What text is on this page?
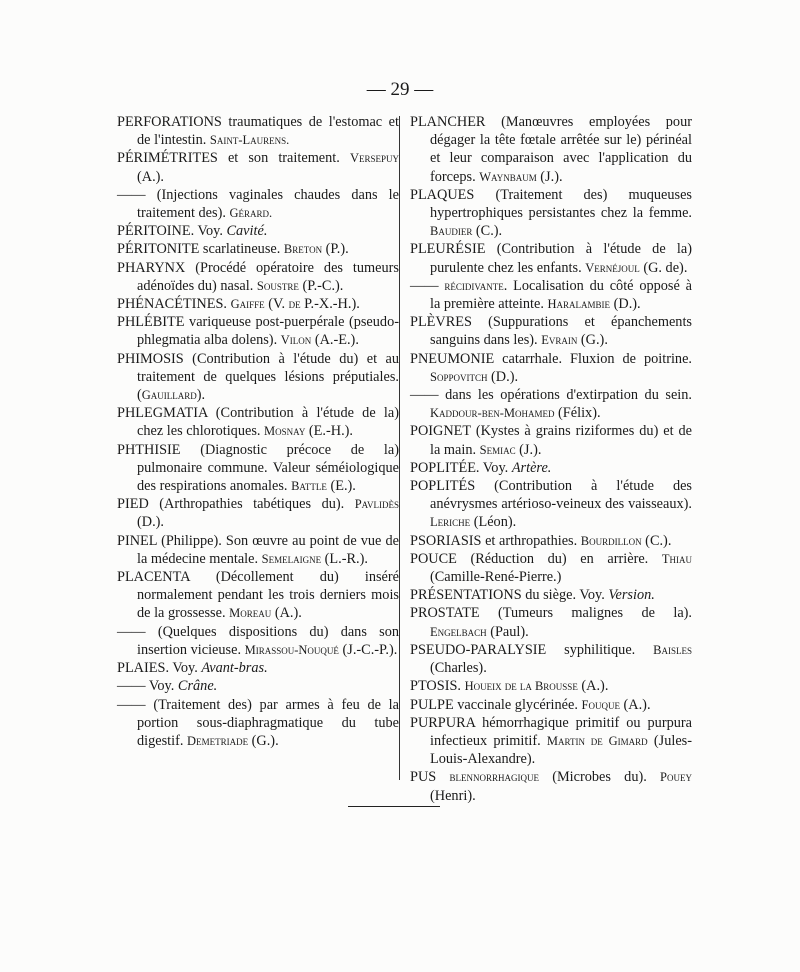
— 29 —
PERFORATIONS traumatiques de l'estomac et de l'intestin. Saint-Laurens.
PÉRIMÉTRITES et son traitement. Versepuy (A.).
—— (Injections vaginales chaudes dans le traitement des). Gérard.
PÉRITOINE. Voy. Cavité.
PÉRITONITE scarlatineuse. Breton (P.).
PHARYNX (Procédé opératoire des tumeurs adénoïdes du) nasal. Soustre (P.-C.).
PHÉNACÉTINES. Gaiffe (V. de P.-X.-H.).
PHLÉBITE variqueuse post-puerpérale (pseudo-phlegmatia alba dolens). Vilon (A.-E.).
PHIMOSIS (Contribution à l'étude du) et au traitement de quelques lésions préputiales. (Gauillard).
PHLEGMATIA (Contribution à l'étude de la) chez les chlorotiques. Mosnay (E.-H.).
PHTHISIE (Diagnostic précoce de la) pulmonaire commune. Valeur séméiologique des respirations anomales. Battle (E.).
PIED (Arthropathies tabétiques du). Pavlidès (D.).
PINEL (Philippe). Son œuvre au point de vue de la médecine mentale. Semelaigne (L.-R.).
PLACENTA (Décollement du) inséré normalement pendant les trois derniers mois de la grossesse. Moreau (A.).
—— (Quelques dispositions du) dans son insertion vicieuse. Mirassou-Nouqué (J.-C.-P.).
PLAIES. Voy. Avant-bras.
—— Voy. Crâne.
—— (Traitement des) par armes à feu de la portion sous-diaphragmatique du tube digestif. Demetriade (G.).
PLANCHER (Manœuvres employées pour dégager la tête fœtale arrêtée sur le) périnéal et leur comparaison avec l'application du forceps. Waynbaum (J.).
PLAQUES (Traitement des) muqueuses hypertrophiques persistantes chez la femme. Baudier (C.).
PLEURÉSIE (Contribution à l'étude de la) purulente chez les enfants. Vernéjoul (G. de).
—— récidivante. Localisation du côté opposé à la première atteinte. Haralambie (D.).
PLÈVRES (Suppurations et épanchements sanguins dans les). Evrain (G.).
PNEUMONIE catarrhale. Fluxion de poitrine. Soppovitch (D.).
—— dans les opérations d'extirpation du sein. Kaddour-ben-Mohamed (Félix).
POIGNET (Kystes à grains riziformes du) et de la main. Semiac (J.).
POPLITÉE. Voy. Artère.
POPLITÉS (Contribution à l'étude des anévrysmes artérioso-veineux des vaisseaux). Leriche (Léon).
PSORIASIS et arthropathies. Bourdillon (C.).
POUCE (Réduction du) en arrière. Thiau (Camille-René-Pierre.)
PRÉSENTATIONS du siège. Voy. Version.
PROSTATE (Tumeurs malignes de la). Engelbach (Paul).
PSEUDO-PARALYSIE syphilitique. Baisles (Charles).
PTOSIS. Houeix de la Brousse (A.).
PULPE vaccinale glycérinée. Fouque (A.).
PURPURA hémorrhagique primitif ou purpura infectieux primitif. Martin de Gimard (Jules-Louis-Alexandre).
PUS blennorrhagique (Microbes du). Pouey (Henri).
